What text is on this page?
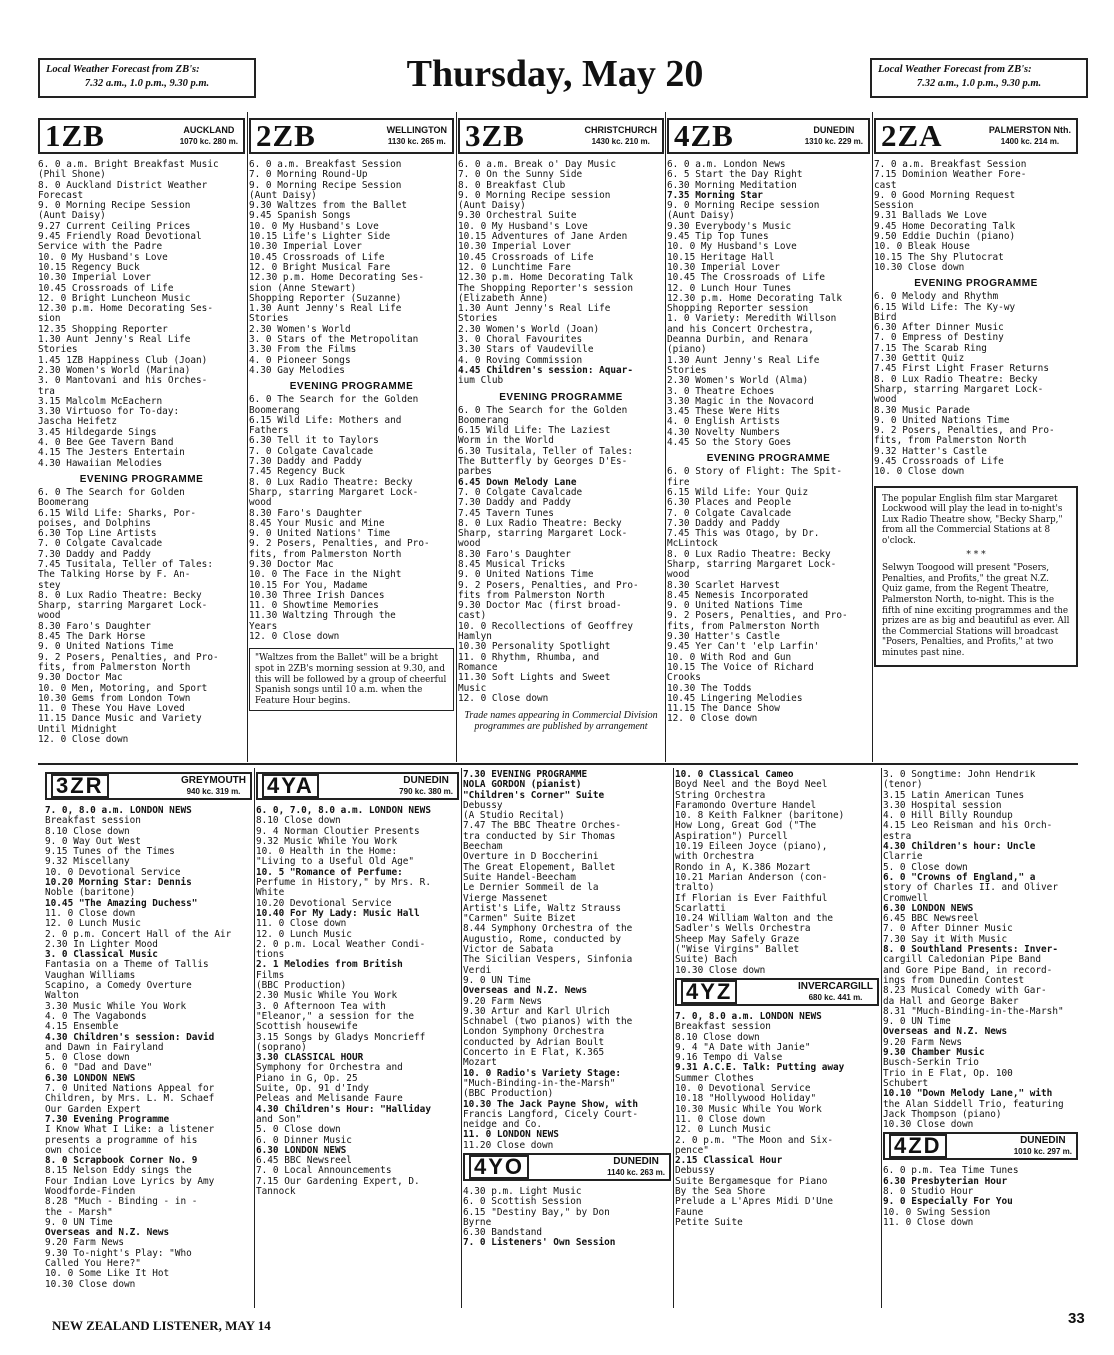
Local Weather Forecast from ZB's:
7.32 a.m., 1.0 p.m., 9.30 p.m.	Thursday, May 20	Local Weather Forecast from ZB's:
7.32 a.m., 1.0 p.m., 9.30 p.m.
1ZB	AUCKLAND
1070 kc. 280 m.
6. 0 a.m. Bright Breakfast Music
(Phil Shone)
8. 0 Auckland District Weather
Forecast
9. 0 Morning Recipe Session
(Aunt Daisy)
9.27 Current Ceiling Prices
9.45 Friendly Road Devotional
Service with the Padre
10. 0 My Husband's Love
10.15 Regency Buck
10.30 Imperial Lover
10.45 Crossroads of Life
12. 0 Bright Luncheon Music
12.30 p.m. Home Decorating Ses-
sion
12.35 Shopping Reporter
1.30 Aunt Jenny's Real Life
Stories
1.45 1ZB Happiness Club (Joan)
2.30 Women's World (Marina)
3. 0 Mantovani and his Orches-
tra
3.15 Malcolm McEachern
3.30 Virtuoso for To-day:
Jascha Heifetz
3.45 Hildegarde Sings
4. 0 Bee Gee Tavern Band
4.15 The Jesters Entertain
4.30 Hawaiian Melodies
EVENING PROGRAMME
6. 0 The Search for Golden
Boomerang
6.15 Wild Life: Sharks, Por-
poises, and Dolphins
6.30 Top Line Artists
7. 0 Colgate Cavalcade
7.30 Daddy and Paddy
7.45 Tusitala, Teller of Tales:
The Talking Horse by F. An-
stey
8. 0 Lux Radio Theatre: Becky
Sharp, starring Margaret Lock-
wood
8.30 Faro's Daughter
8.45 The Dark Horse
9. 0 United Nations Time
9. 2 Posers, Penalties, and Pro-
fits, from Palmerston North
9.30 Doctor Mac
10. 0 Men, Motoring, and Sport
10.30 Gems from London Town
11. 0 These You Have Loved
11.15 Dance Music and Variety
Until Midnight
12. 0 Close down
2ZB	WELLINGTON
1130 kc. 265 m.
6. 0 a.m. Breakfast Session
7. 0 Morning Round-Up
9. 0 Morning Recipe Session
(Aunt Daisy)
9.30 Waltzes from the Ballet
9.45 Spanish Songs
10. 0 My Husband's Love
10.15 Life's Lighter Side
10.30 Imperial Lover
10.45 Crossroads of Life
12. 0 Bright Musical Fare
12.30 p.m. Home Decorating Ses-
sion (Anne Stewart)
Shopping Reporter (Suzanne)
1.30 Aunt Jenny's Real Life
Stories
2.30 Women's World
3. 0 Stars of the Metropolitan
3.30 From the Films
4. 0 Pioneer Songs
4.30 Gay Melodies
EVENING PROGRAMME
6. 0 The Search for the Golden
Boomerang
6.15 Wild Life: Mothers and
Fathers
6.30 Tell it to Taylors
7. 0 Colgate Cavalcade
7.30 Daddy and Paddy
7.45 Regency Buck
8. 0 Lux Radio Theatre: Becky
Sharp, starring Margaret Lock-
wood
8.30 Faro's Daughter
8.45 Your Music and Mine
9. 0 United Nations' Time
9. 2 Posers, Penalties, and Pro-
fits, from Palmerston North
9.30 Doctor Mac
10. 0 The Face in the Night
10.15 For You, Madame
10.30 Three Irish Dances
11. 0 Showtime Memories
11.30 Waltzing Through the
Years
12. 0 Close down
"Waltzes from the Ballet" will be a bright spot in 2ZB's morning session at 9.30, and this will be followed by a group of cheerful Spanish songs until 10 a.m. when the Feature Hour begins.
3ZB	CHRISTCHURCH
1430 kc. 210 m.
6. 0 a.m. Break o' Day Music
7. 0 On the Sunny Side
8. 0 Breakfast Club
9. 0 Morning Recipe session
(Aunt Daisy)
9.30 Orchestral Suite
10. 0 My Husband's Love
10.15 Adventures of Jane Arden
10.30 Imperial Lover
10.45 Crossroads of Life
12. 0 Lunchtime Fare
12.30 p.m. Home Decorating Talk
The Shopping Reporter's session
(Elizabeth Anne)
1.30 Aunt Jenny's Real Life
Stories
2.30 Women's World (Joan)
3. 0 Choral Favourites
3.30 Stars of Vaudeville
4. 0 Roving Commission
4.45 Children's session: Aquar-
ium Club
EVENING PROGRAMME
6. 0 The Search for the Golden
Boomerang
6.15 Wild Life: The Laziest
Worm in the World
6.30 Tusitala, Teller of Tales:
The Butterfly by Georges D'Es-
parbes
6.45 Down Melody Lane
7. 0 Colgate Cavalcade
7.30 Daddy and Paddy
7.45 Tavern Tunes
8. 0 Lux Radio Theatre: Becky
Sharp, starring Margaret Lock-
wood
8.30 Faro's Daughter
8.45 Musical Tricks
9. 0 United Nations Time
9. 2 Posers, Penalties, and Pro-
fits from Palmerston North
9.30 Doctor Mac (first broad-
cast)
10. 0 Recollections of Geoffrey
Hamlyn
10.30 Personality Spotlight
11. 0 Rhythm, Rhumba, and
Romance
11.30 Soft Lights and Sweet
Music
12. 0 Close down
Trade names appearing in Commercial Division programmes are published by arrangement
4ZB	DUNEDIN
1310 kc. 229 m.
6. 0 a.m. London News
6. 5 Start the Day Right
6.30 Morning Meditation
7.35 Morning Star
9. 0 Morning Recipe session
(Aunt Daisy)
9.30 Everybody's Music
9.45 Tip Top Tunes
10. 0 My Husband's Love
10.15 Heritage Hall
10.30 Imperial Lover
10.45 The Crossroads of Life
12. 0 Lunch Hour Tunes
12.30 p.m. Home Decorating Talk
Shopping Reporter session
1. 0 Variety: Meredith Willson
and his Concert Orchestra,
Deanna Durbin, and Renara
(piano)
1.30 Aunt Jenny's Real Life
Stories
2.30 Women's World (Alma)
3. 0 Theatre Echoes
3.30 Magic in the Novacord
3.45 These Were Hits
4. 0 English Artists
4.30 Novelty Numbers
4.45 So the Story Goes
EVENING PROGRAMME
6. 0 Story of Flight: The Spit-
fire
6.15 Wild Life: Your Quiz
6.30 Places and People
7. 0 Colgate Cavalcade
7.30 Daddy and Paddy
7.45 This was Otago, by Dr.
McLintock
8. 0 Lux Radio Theatre: Becky
Sharp, starring Margaret Lock-
wood
8.30 Scarlet Harvest
8.45 Nemesis Incorporated
9. 0 United Nations Time
9. 2 Posers, Penalties, and Pro-
fits, from Palmerston North
9.30 Hatter's Castle
9.45 Yer Can't 'elp Larfin'
10. 0 With Rod and Gun
10.15 The Voice of Richard
Crooks
10.30 The Todds
10.45 Lingering Melodies
11.15 The Dance Show
12. 0 Close down
2ZA	PALMERSTON Nth.
1400 kc. 214 m.
7. 0 a.m. Breakfast Session
7.15 Dominion Weather Fore-
cast
9. 0 Good Morning Request
Session
9.31 Ballads We Love
9.45 Home Decorating Talk
9.50 Eddie Duchin (piano)
10. 0 Bleak House
10.15 The Shy Plutocrat
10.30 Close down
EVENING PROGRAMME
6. 0 Melody and Rhythm
6.15 Wild Life: The Ky-wy
Bird
6.30 After Dinner Music
7. 0 Empress of Destiny
7.15 The Scarab Ring
7.30 Gettit Quiz
7.45 First Light Fraser Returns
8. 0 Lux Radio Theatre: Becky
Sharp, starring Margaret Lock-
wood
8.30 Music Parade
9. 0 United Nations Time
9. 2 Posers, Penalties, and Pro-
fits, from Palmerston North
9.32 Hatter's Castle
9.45 Crossroads of Life
10. 0 Close down
The popular English film star Margaret Lockwood will play the lead in to-night's Lux Radio Theatre show, "Becky Sharp," from all the Commercial Stations at 8 o'clock.
* * *
Selwyn Toogood will present "Posers, Penalties, and Profits," the great N.Z. Quiz game, from the Regent Theatre, Palmerston North, to-night. This is the fifth of nine exciting programmes and the prizes are as big and beautiful as ever. All the Commercial Stations will broadcast "Posers, Penalties, and Profits," at two minutes past nine.
3ZR	GREYMOUTH
940 kc. 319 m.
7. 0, 8.0 a.m. LONDON NEWS
Breakfast session
8.10 Close down
9. 0 Way Out West
9.15 Tunes of the Times
9.32 Miscellany
10. 0 Devotional Service
10.20 Morning Star: Dennis
Noble (baritone)
10.45 "The Amazing Duchess"
11. 0 Close down
12. 0 Lunch Music
2. 0 p.m. Concert Hall of the Air
2.30 In Lighter Mood
3. 0 Classical Music
Fantasia on a Theme of Tallis
Vaughan Williams
Scapino, a Comedy Overture
Walton
3.30 Music While You Work
4. 0 The Vagabonds
4.15 Ensemble
4.30 Children's session: David
and Dawn in Fairyland
5. 0 Close down
6. 0 "Dad and Dave"
6.30 LONDON NEWS
7. 0 United Nations Appeal for
Children, by Mrs. L. M. Schaef
Our Garden Expert
7.30 Evening Programme
I Know What I Like: a listener
presents a programme of his
own choice
8. 0 Scrapbook Corner No. 9
8.15 Nelson Eddy sings the
Four Indian Love Lyrics by Amy
Woodforde-Finden
8.28 "Much - Binding - in -
the - Marsh"
9. 0 UN Time
Overseas and N.Z. News
9.20 Farm News
9.30 To-night's Play: "Who
Called You Here?"
10. 0 Some Like It Hot
10.30 Close down
4YA	DUNEDIN
790 kc. 380 m.
6. 0, 7.0, 8.0 a.m. LONDON NEWS
8.10 Close down
9. 4 Norman Cloutier Presents
9.32 Music While You Work
10. 0 Health in the Home:
"Living to a Useful Old Age"
10. 5 "Romance of Perfume:
Perfume in History," by Mrs. R.
White
10.20 Devotional Service
10.40 For My Lady: Music Hall
11. 0 Close down
12. 0 Lunch Music
2. 0 p.m. Local Weather Condi-
tions
2. 1 Melodies from British
Films
(BBC Production)
2.30 Music While You Work
3. 0 Afternoon Tea with
"Eleanor," a session for the
Scottish housewife
3.15 Songs by Gladys Moncrieff
(soprano)
3.30 CLASSICAL HOUR
Symphony for Orchestra and
Piano in G, Op. 25
Suite, Op. 91 d'Indy
Peleas and Melisande Faure
4.30 Children's Hour: "Halliday
and Son"
5. 0 Close down
6. 0 Dinner Music
6.30 LONDON NEWS
6.45 BBC Newsreel
7. 0 Local Announcements
7.15 Our Gardening Expert, D.
Tannock
7.30 EVENING PROGRAMME
NOLA GORDON (pianist)
"Children's Corner" Suite
Debussy
(A Studio Recital)
7.47 The BBC Theatre Orches-
tra conducted by Sir Thomas
Beecham
Overture in D Boccherini
The Great Elopement, Ballet
Suite Handel-Beecham
Le Dernier Sommeil de la
Vierge Massenet
Artist's Life, Waltz Strauss
"Carmen" Suite Bizet
8.44 Symphony Orchestra of the
Augustio, Rome, conducted by
Victor de Sabata
The Sicilian Vespers, Sinfonia
Verdi
9. 0 UN Time
Overseas and N.Z. News
9.20 Farm News
9.30 Artur and Karl Ulrich
Schnabel (two pianos) with the
London Symphony Orchestra
conducted by Adrian Boult
Concerto in E Flat, K.365
Mozart
10. 0 Radio's Variety Stage:
"Much-Binding-in-the-Marsh"
(BBC Production)
10.30 The Jack Payne Show, with
Francis Langford, Cicely Court-
neidge and Co.
11. 0 LONDON NEWS
11.20 Close down
4YO	DUNEDIN
1140 kc. 263 m.
4.30 p.m. Light Music
6. 0 Scottish Session
6.15 "Destiny Bay," by Don
Byrne
6.30 Bandstand
7. 0 Listeners' Own Session
10. 0 Classical Cameo
Boyd Neel and the Boyd Neel
String Orchestra
Faramondo Overture Handel
10. 8 Keith Falkner (baritone)
How Long, Great God ("The
Aspiration") Purcell
10.19 Eileen Joyce (piano),
with Orchestra
Rondo in A, K.386 Mozart
10.21 Marian Anderson (con-
tralto)
If Florian is Ever Faithful
Scarlatti
10.24 William Walton and the
Sadler's Wells Orchestra
Sheep May Safely Graze
("Wise Virgins" Ballet
Suite) Bach
10.30 Close down
4YZ	INVERCARGILL
680 kc. 441 m.
7. 0, 8.0 a.m. LONDON NEWS
Breakfast session
8.10 Close down
9. 4 "A Date with Janie"
9.16 Tempo di Valse
9.31 A.C.E. Talk: Putting away
Summer Clothes
10. 0 Devotional Service
10.18 "Hollywood Holiday"
10.30 Music While You Work
11. 0 Close down
12. 0 Lunch Music
2. 0 p.m. "The Moon and Six-
pence"
2.15 Classical Hour
Debussy
Suite Bergamesque for Piano
By the Sea Shore
Prelude a L'Apres Midi D'Une
Faune
Petite Suite
3. 0 Songtime: John Hendrik
(tenor)
3.15 Latin American Tunes
3.30 Hospital session
4. 0 Hill Billy Roundup
4.15 Leo Reisman and his Orch-
estra
4.30 Children's hour: Uncle
Clarrie
5. 0 Close down
6. 0 "Crowns of England," a
story of Charles II. and Oliver
Cromwell
6.30 LONDON NEWS
6.45 BBC Newsreel
7. 0 After Dinner Music
7.30 Say it With Music
8. 0 Southland Presents: Inver-
cargill Caledonian Pipe Band
and Gore Pipe Band, in record-
ings from Dunedin Contest
8.23 Musical Comedy with Gar-
da Hall and George Baker
8.31 "Much-Binding-in-the-Marsh"
9. 0 UN Time
Overseas and N.Z. News
9.20 Farm News
9.30 Chamber Music
Busch-Serkin Trio
Trio in E Flat, Op. 100
Schubert
10.10 "Down Melody Lane," with
the Alan Siddell Trio, featuring
Jack Thompson (piano)
10.30 Close down
4ZD	DUNEDIN
1010 kc. 297 m.
6. 0 p.m. Tea Time Tunes
6.30 Presbyterian Hour
8. 0 Studio Hour
9. 0 Especially For You
10. 0 Swing Session
11. 0 Close down
NEW ZEALAND LISTENER, MAY 14	33
